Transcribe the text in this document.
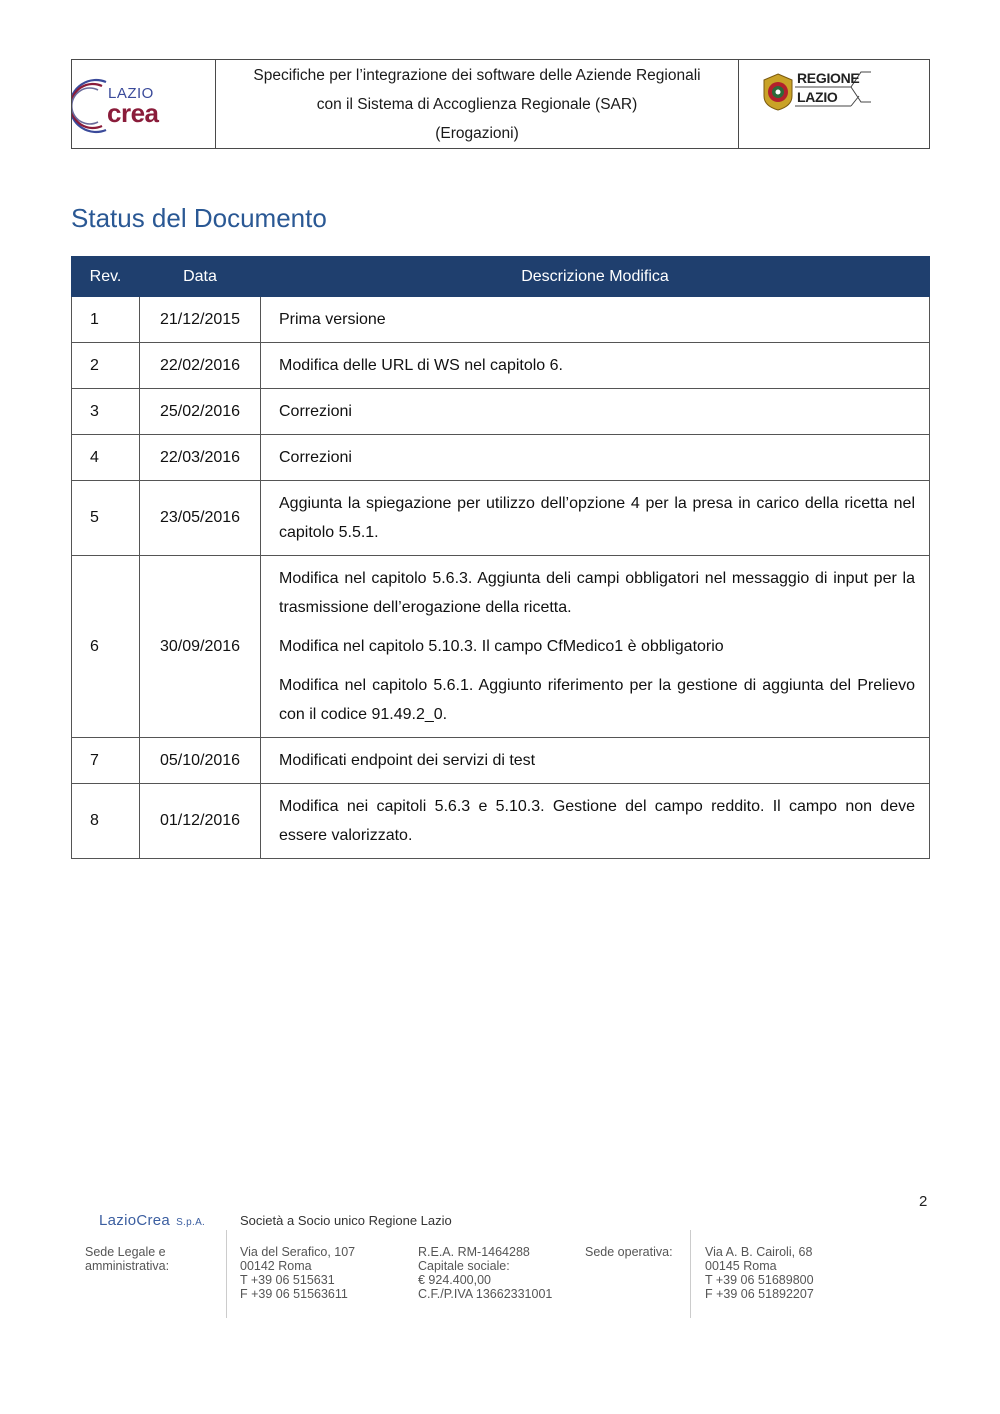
LAZIO
crea
Specifiche per l’integrazione dei software delle Aziende Regionali
con il Sistema di Accoglienza Regionale (SAR)
(Erogazioni)
REGIONE
LAZIO
Status del Documento
Rev.	Data	Descrizione Modifica
1	21/12/2015	Prima versione

2	22/02/2016	Modifica delle URL di WS nel capitolo 6.

3	25/02/2016	Correzioni

4	22/03/2016	Correzioni

5	23/05/2016	Aggiunta la spiegazione per utilizzo dell’opzione 4 per la presa in carico della ricetta nel capitolo 5.5.1.

6	30/09/2016	Modifica nel capitolo 5.6.3. Aggiunta deli campi obbligatori nel messaggio di input per la trasmissione dell’erogazione della ricetta.

Modifica nel capitolo 5.10.3. Il campo CfMedico1 è obbligatorio

Modifica nel capitolo 5.6.1. Aggiunto riferimento per la gestione di aggiunta del Prelievo con il codice 91.49.2_0.

7	05/10/2016	Modificati endpoint dei servizi di test

8	01/12/2016	Modifica nei capitoli 5.6.3 e 5.10.3. Gestione del campo reddito. Il campo non deve essere valorizzato.

2
LazioCrea S.p.A.	Società a Socio unico Regione Lazio
Sede Legale e
amministrativa:
Via del Serafico, 107
00142 Roma
T +39 06 515631
F +39 06 51563611
R.E.A. RM-1464288
Capitale sociale:
€ 924.400,00
C.F./P.IVA 13662331001
Sede operativa:	Via A. B. Cairoli, 68
00145 Roma
T +39 06 51689800
F +39 06 51892207
